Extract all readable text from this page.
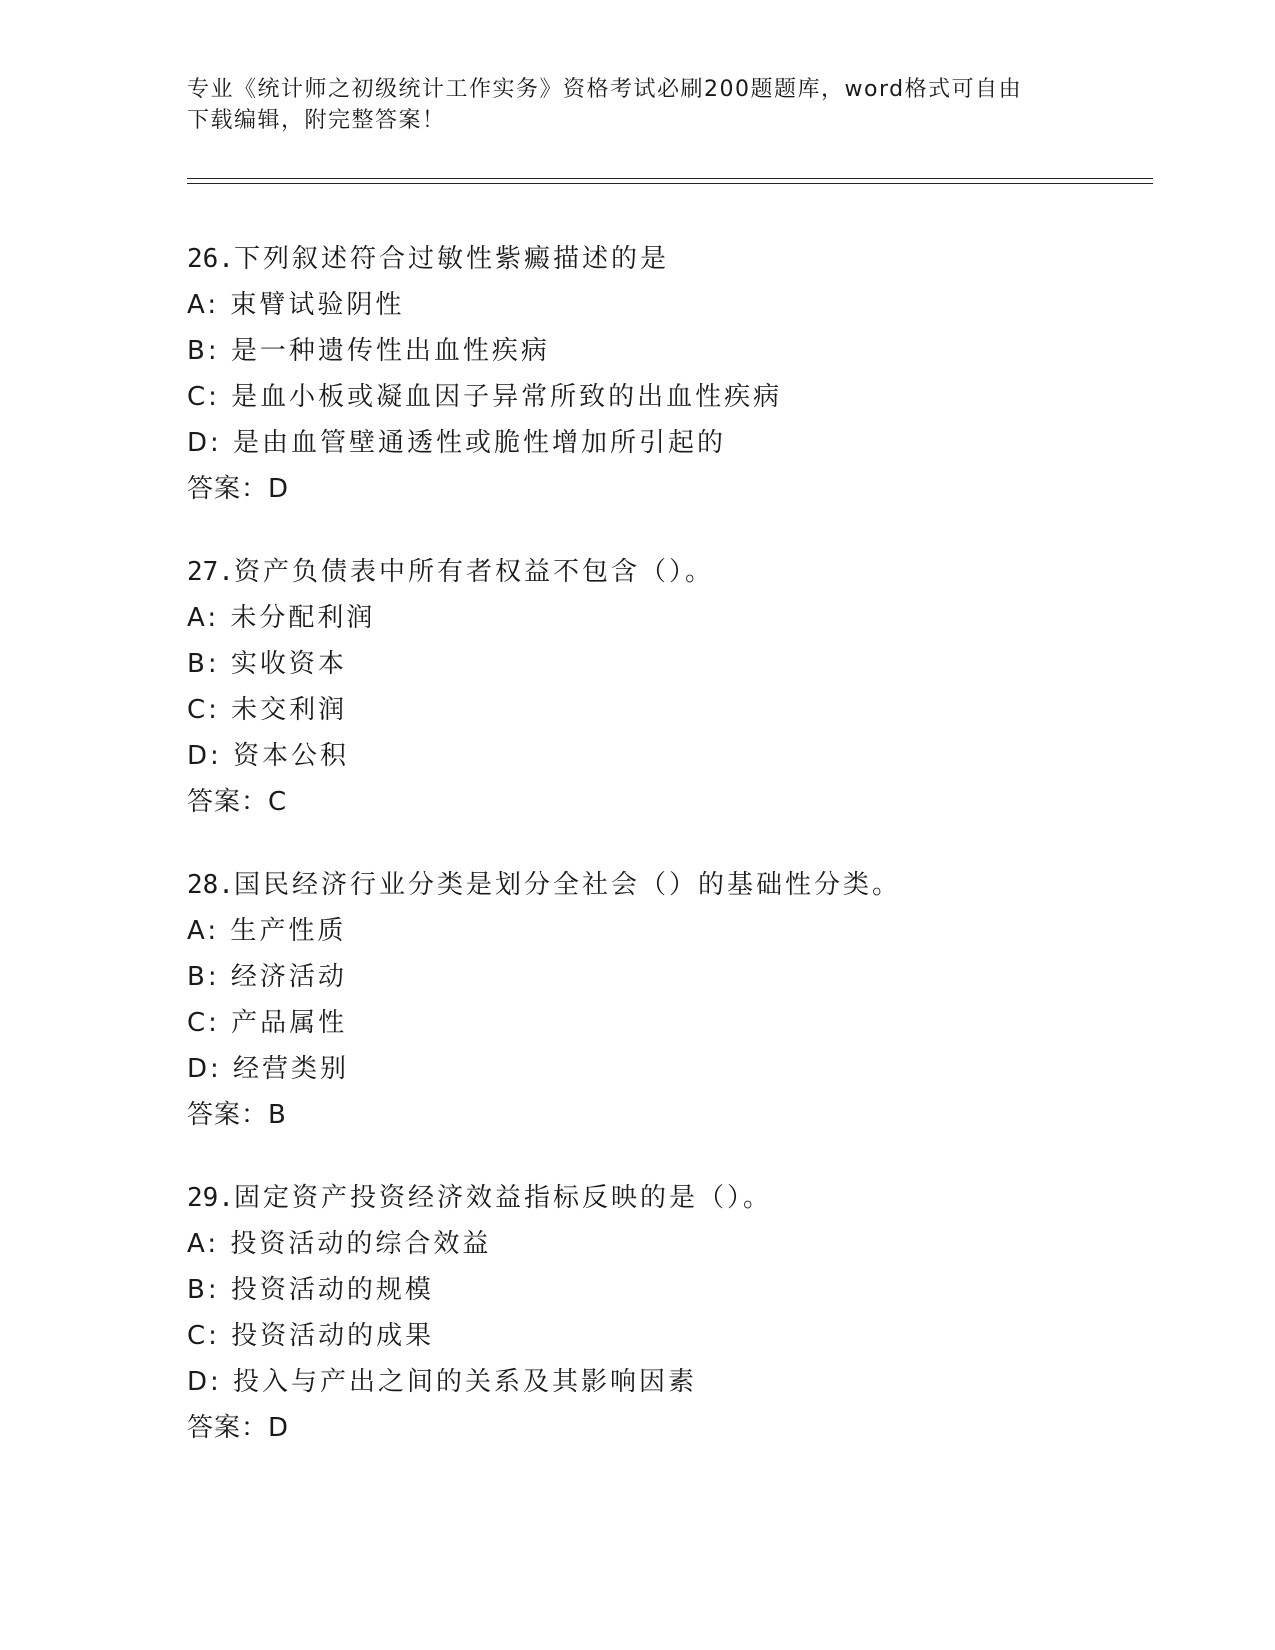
专业《统计师之初级统计工作实务》资格考试必刷200题题库，word格式可自由
下载编辑，附完整答案！
26.下列叙述符合过敏性紫癜描述的是
A: 束臂试验阴性
B: 是一种遗传性出血性疾病
C: 是血小板或凝血因子异常所致的出血性疾病
D: 是由血管壁通透性或脆性增加所引起的
答案：D
27.资产负债表中所有者权益不包含（）。
A: 未分配利润
B: 实收资本
C: 未交利润
D: 资本公积
答案：C
28.国民经济行业分类是划分全社会（）的基础性分类。
A: 生产性质
B: 经济活动
C: 产品属性
D: 经营类别
答案：B
29.固定资产投资经济效益指标反映的是（）。
A: 投资活动的综合效益
B: 投资活动的规模
C: 投资活动的成果
D: 投入与产出之间的关系及其影响因素
答案：D
